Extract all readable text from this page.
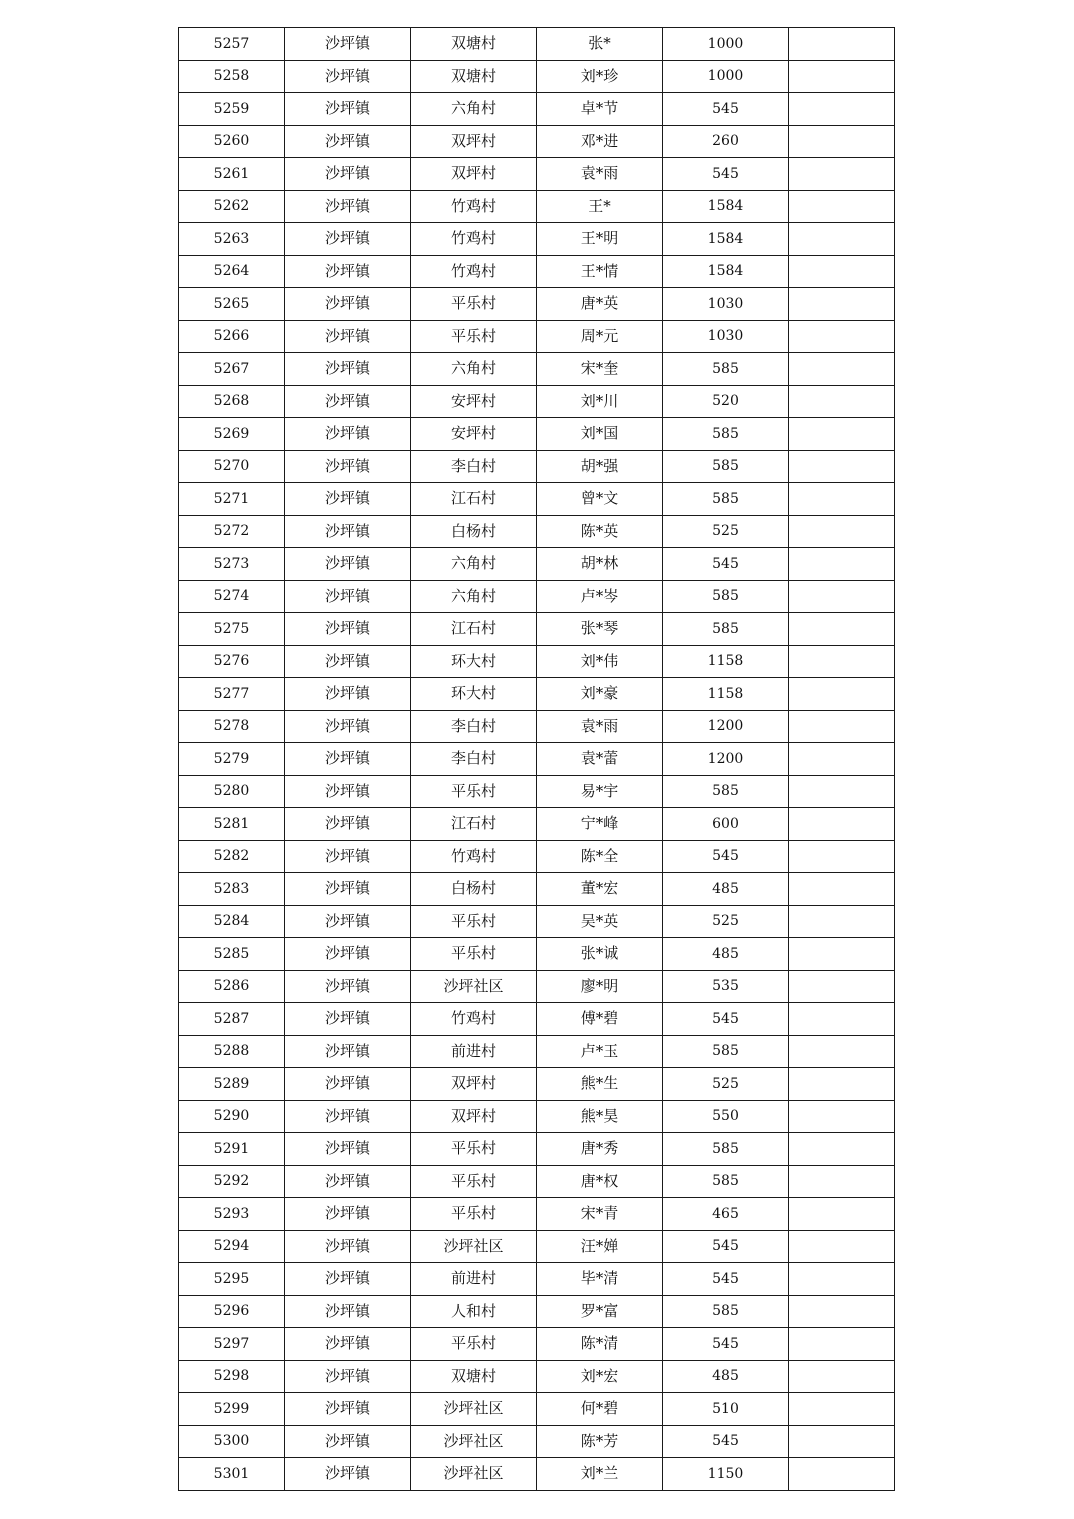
5257	沙坪镇	双塘村	张*	1000	
5258	沙坪镇	双塘村	刘*珍	1000	
5259	沙坪镇	六角村	卓*节	545	
5260	沙坪镇	双坪村	邓*进	260	
5261	沙坪镇	双坪村	袁*雨	545	
5262	沙坪镇	竹鸡村	王*	1584	
5263	沙坪镇	竹鸡村	王*明	1584	
5264	沙坪镇	竹鸡村	王*情	1584	
5265	沙坪镇	平乐村	唐*英	1030	
5266	沙坪镇	平乐村	周*元	1030	
5267	沙坪镇	六角村	宋*奎	585	
5268	沙坪镇	安坪村	刘*川	520	
5269	沙坪镇	安坪村	刘*国	585	
5270	沙坪镇	李白村	胡*强	585	
5271	沙坪镇	江石村	曾*文	585	
5272	沙坪镇	白杨村	陈*英	525	
5273	沙坪镇	六角村	胡*林	545	
5274	沙坪镇	六角村	卢*岑	585	
5275	沙坪镇	江石村	张*琴	585	
5276	沙坪镇	环大村	刘*伟	1158	
5277	沙坪镇	环大村	刘*豪	1158	
5278	沙坪镇	李白村	袁*雨	1200	
5279	沙坪镇	李白村	袁*蕾	1200	
5280	沙坪镇	平乐村	易*宇	585	
5281	沙坪镇	江石村	宁*峰	600	
5282	沙坪镇	竹鸡村	陈*全	545	
5283	沙坪镇	白杨村	董*宏	485	
5284	沙坪镇	平乐村	吴*英	525	
5285	沙坪镇	平乐村	张*诚	485	
5286	沙坪镇	沙坪社区	廖*明	535	
5287	沙坪镇	竹鸡村	傅*碧	545	
5288	沙坪镇	前进村	卢*玉	585	
5289	沙坪镇	双坪村	熊*生	525	
5290	沙坪镇	双坪村	熊*昊	550	
5291	沙坪镇	平乐村	唐*秀	585	
5292	沙坪镇	平乐村	唐*权	585	
5293	沙坪镇	平乐村	宋*青	465	
5294	沙坪镇	沙坪社区	汪*婵	545	
5295	沙坪镇	前进村	毕*清	545	
5296	沙坪镇	人和村	罗*富	585	
5297	沙坪镇	平乐村	陈*清	545	
5298	沙坪镇	双塘村	刘*宏	485	
5299	沙坪镇	沙坪社区	何*碧	510	
5300	沙坪镇	沙坪社区	陈*芳	545	
5301	沙坪镇	沙坪社区	刘*兰	1150	
